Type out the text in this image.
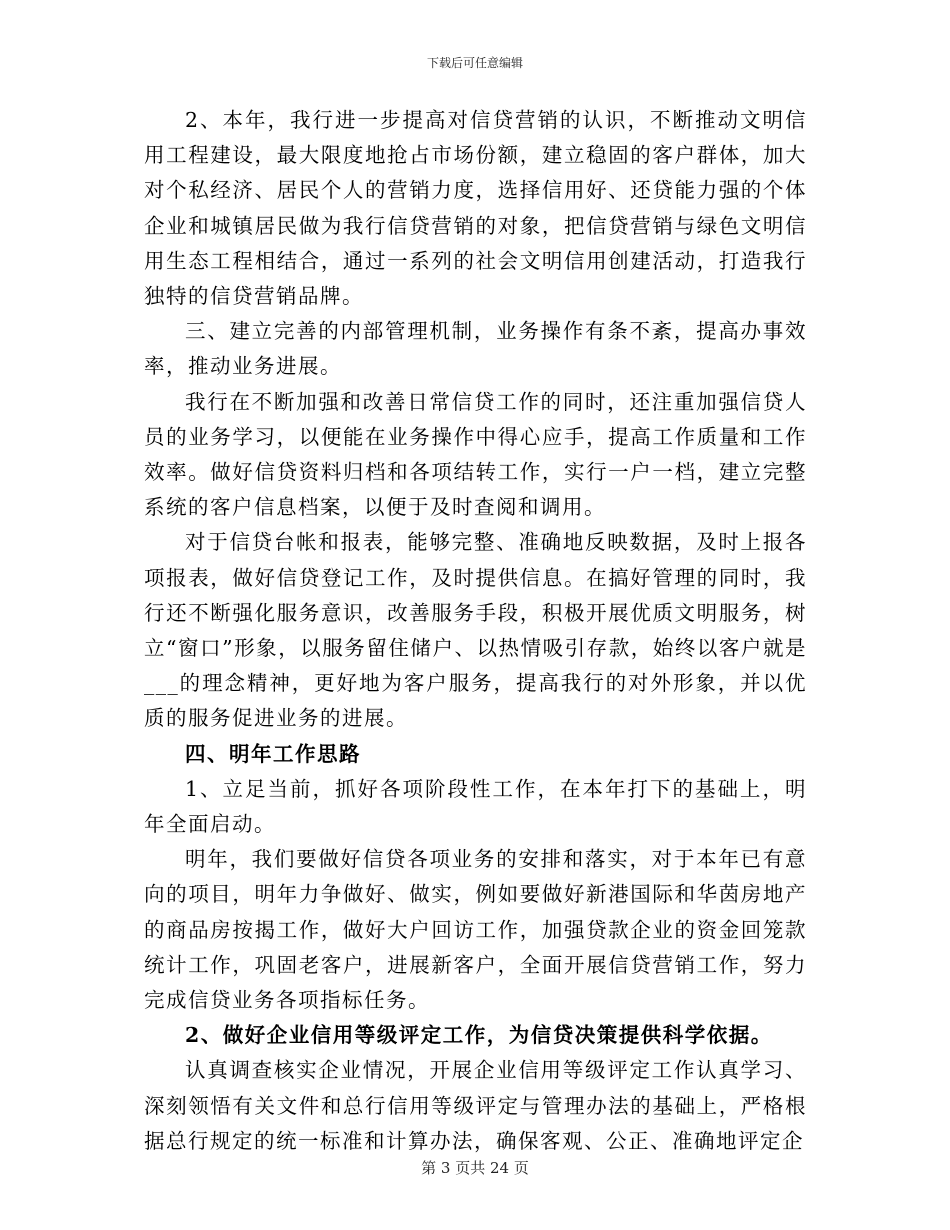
下载后可任意编辑

2、本年，我行进一步提高对信贷营销的认识，不断推动文明信用工程建设，最大限度地抢占市场份额，建立稳固的客户群体，加大对个私经济、居民个人的营销力度，选择信用好、还贷能力强的个体企业和城镇居民做为我行信贷营销的对象，把信贷营销与绿色文明信用生态工程相结合，通过一系列的社会文明信用创建活动，打造我行独特的信贷营销品牌。

三、建立完善的内部管理机制，业务操作有条不紊，提高办事效率，推动业务进展。

我行在不断加强和改善日常信贷工作的同时，还注重加强信贷人员的业务学习，以便能在业务操作中得心应手，提高工作质量和工作效率。做好信贷资料归档和各项结转工作，实行一户一档，建立完整系统的客户信息档案，以便于及时查阅和调用。

对于信贷台帐和报表，能够完整、准确地反映数据，及时上报各项报表，做好信贷登记工作，及时提供信息。在搞好管理的同时，我行还不断强化服务意识，改善服务手段，积极开展优质文明服务，树立“窗口”形象，以服务留住储户、以热情吸引存款，始终以客户就是___的理念精神，更好地为客户服务，提高我行的对外形象，并以优质的服务促进业务的进展。

四、明年工作思路

1、立足当前，抓好各项阶段性工作，在本年打下的基础上，明年全面启动。

明年，我们要做好信贷各项业务的安排和落实，对于本年已有意向的项目，明年力争做好、做实，例如要做好新港国际和华茵房地产的商品房按揭工作，做好大户回访工作，加强贷款企业的资金回笼款统计工作，巩固老客户，进展新客户，全面开展信贷营销工作，努力完成信贷业务各项指标任务。

2、做好企业信用等级评定工作，为信贷决策提供科学依据。

认真调查核实企业情况，开展企业信用等级评定工作认真学习、深刻领悟有关文件和总行信用等级评定与管理办法的基础上，严格根据总行规定的统一标准和计算办法，确保客观、公正、准确地评定企

第 3 页共 24 页
